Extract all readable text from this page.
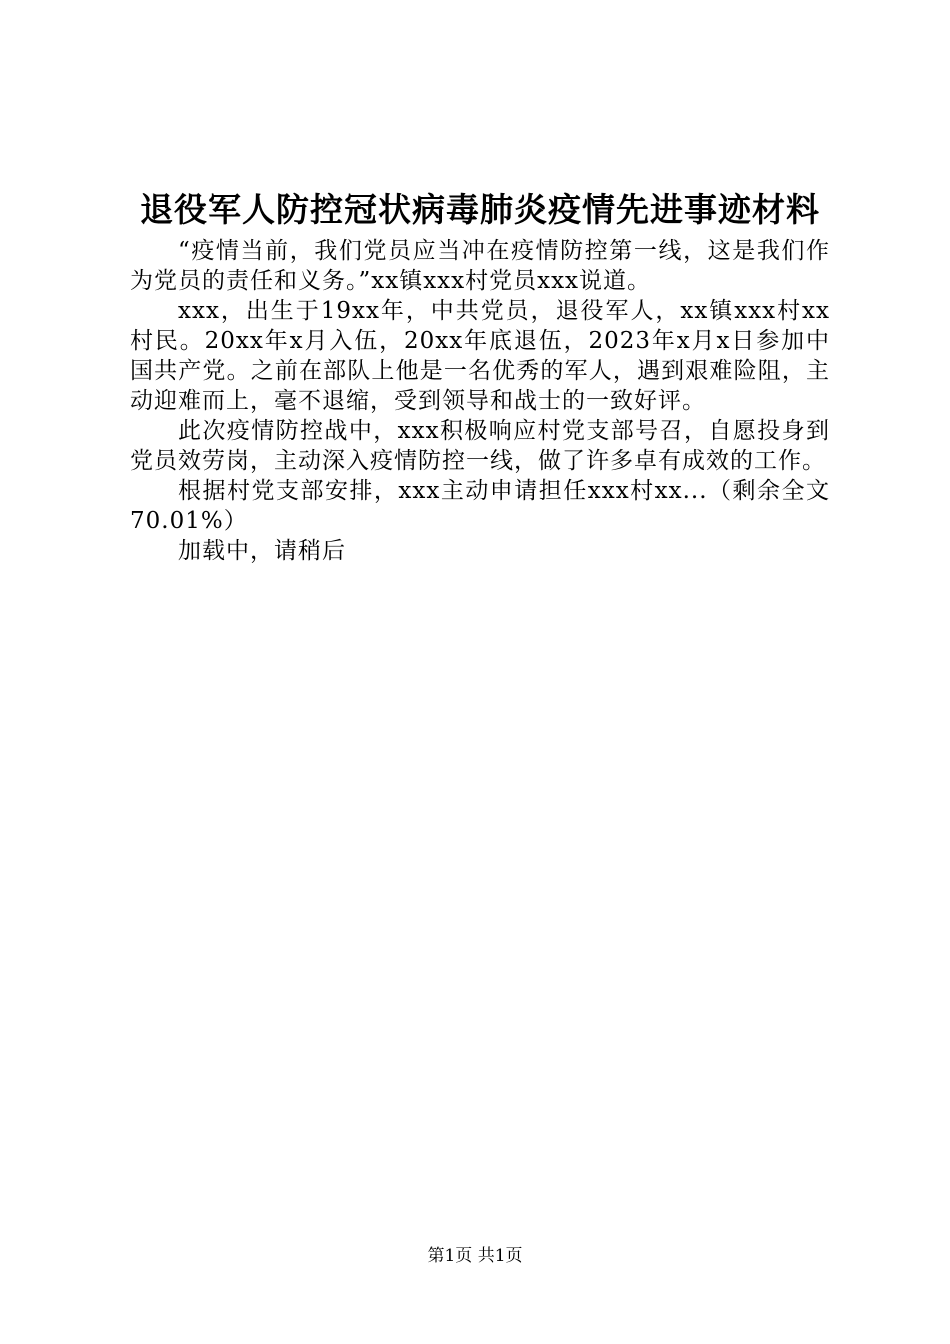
退役军人防控冠状病毒肺炎疫情先进事迹材料

“疫情当前，我们党员应当冲在疫情防控第一线，这是我们作为党员的责任和义务。”xx镇xxx村党员xxx说道。

xxx，出生于19xx年，中共党员，退役军人，xx镇xxx村xx村民。20xx年x月入伍，20xx年底退伍，2023年x月x日参加中国共产党。之前在部队上他是一名优秀的军人，遇到艰难险阻，主动迎难而上，毫不退缩，受到领导和战士的一致好评。

此次疫情防控战中，xxx积极响应村党支部号召，自愿投身到党员效劳岗，主动深入疫情防控一线，做了许多卓有成效的工作。

根据村党支部安排，xxx主动申请担任xxx村xx...（剩余全文70.01%）

加载中，请稍后

第1页 共1页
